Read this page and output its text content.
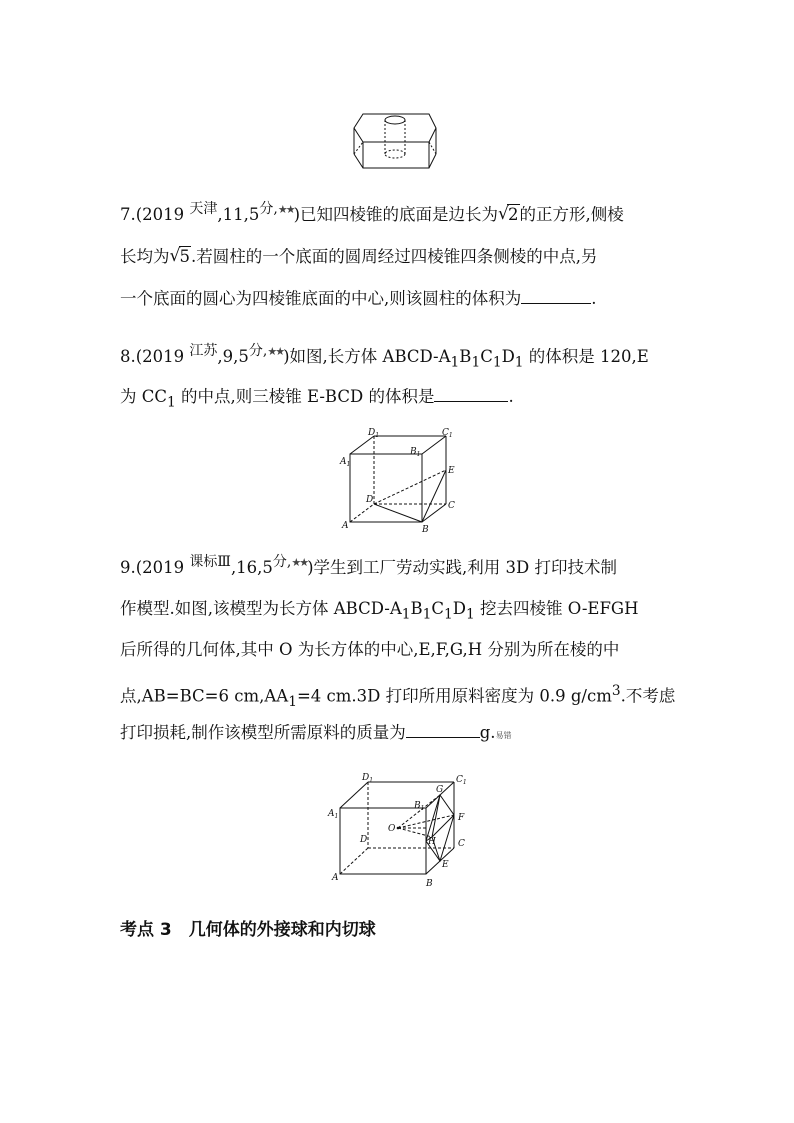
7.(2019 $^{天津},11,5^{分,★★}$)已知四棱锥的底面是边长为 √ 2的正方形,侧棱
长均为 √ 5.若圆柱的一个底面的圆周经过四棱锥四条侧棱的中点,另
一个底面的圆心为四棱锥底面的中心,则该圆柱的体积为	.
8.(2019 $^{江苏},9,5^{分,★★}$)如图,长方体 ABCD-$A_1B_1C_1D_1$ 的体积是 120,E
为 $CC_1$ 的中点,则三棱锥 E-BCD 的体积是	.
$D_1$	$C_1$
$A_1$
$B_1$
E
D
C
A	B
9.(2019 $^{课标Ⅲ},16,5^{分,★★}$)学生到工厂劳动实践,利用 3D 打印技术制
作模型.如图,该模型为长方体 ABCD-$A_1B_1C_1D_1$ 挖去四棱锥 O-EFGH
后所得的几何体,其中 O 为长方体的中心,E,F,G,H 分别为所在棱的中
点,AB=BC=6 $cm,AA_1=4$ cm.3D 打印所用原料密度为 0.9 $g/cm^3$.不考虑
打印损耗,制作该模型所需原料的质量为	g.易错
$D_1$	$C_1$
$A_1$
$B_1$
G
O
F
D	H C
E
A
B
考点 3　几何体的外接球和内切球
